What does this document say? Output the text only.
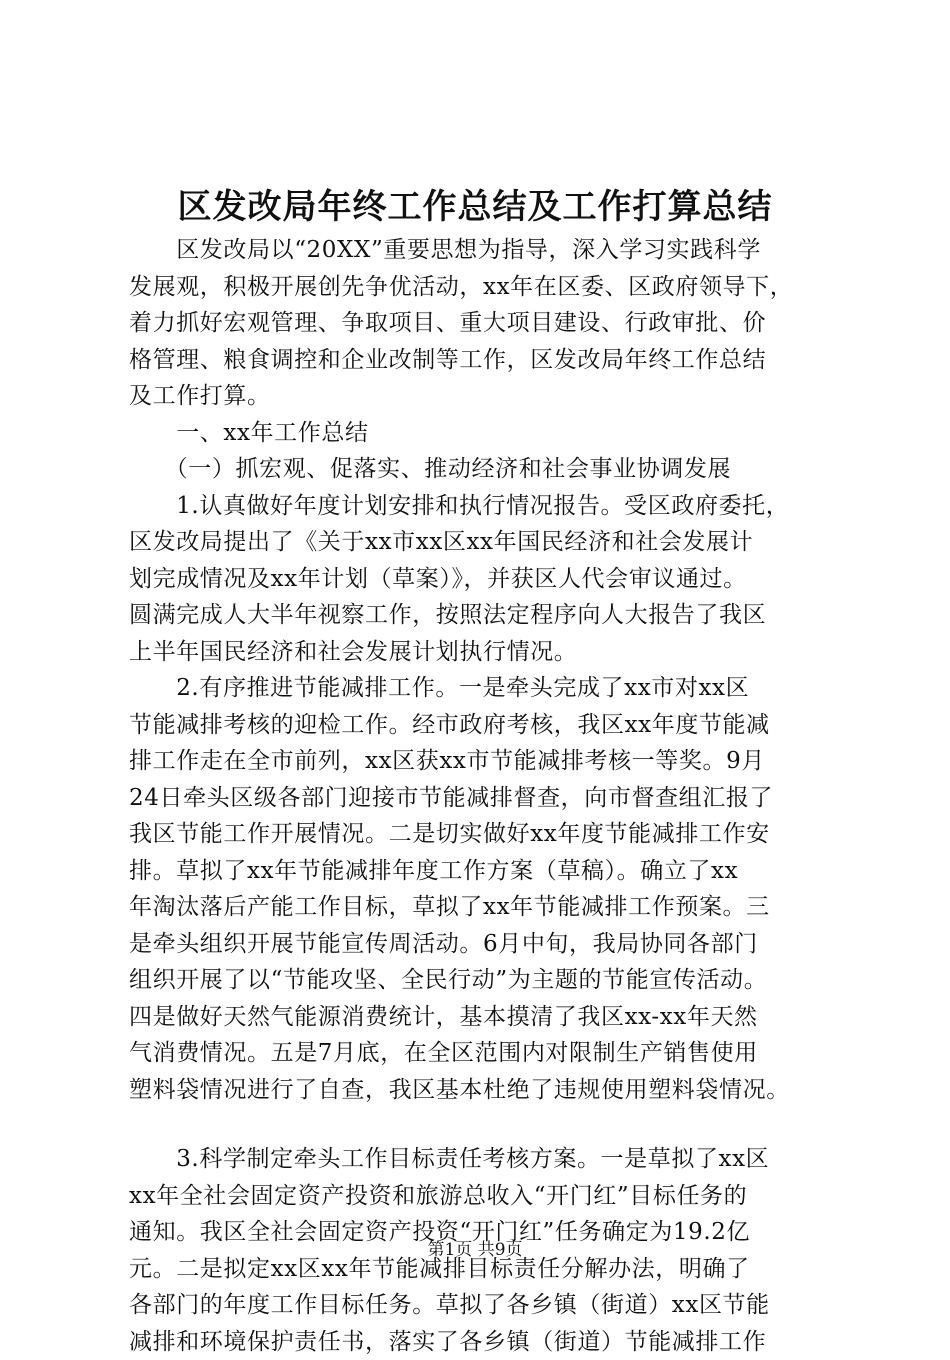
区发改局年终工作总结及工作打算总结
　　区发改局以“20XX”重要思想为指导，深入学习实践科学
发展观，积极开展创先争优活动，xx年在区委、区政府领导下，
着力抓好宏观管理、争取项目、重大项目建设、行政审批、价
格管理、粮食调控和企业改制等工作，区发改局年终工作总结
及工作打算。
　　一、xx年工作总结
　　（一）抓宏观、促落实、推动经济和社会事业协调发展
　　1.认真做好年度计划安排和执行情况报告。受区政府委托，
区发改局提出了《关于xx市xx区xx年国民经济和社会发展计
划完成情况及xx年计划（草案）》，并获区人代会审议通过。
圆满完成人大半年视察工作，按照法定程序向人大报告了我区
上半年国民经济和社会发展计划执行情况。
　　2.有序推进节能减排工作。一是牵头完成了xx市对xx区
节能减排考核的迎检工作。经市政府考核，我区xx年度节能减
排工作走在全市前列，xx区获xx市节能减排考核一等奖。9月
24日牵头区级各部门迎接市节能减排督查，向市督查组汇报了
我区节能工作开展情况。二是切实做好xx年度节能减排工作安
排。草拟了xx年节能减排年度工作方案（草稿）。确立了xx
年淘汰落后产能工作目标，草拟了xx年节能减排工作预案。三
是牵头组织开展节能宣传周活动。6月中旬，我局协同各部门
组织开展了以“节能攻坚、全民行动”为主题的节能宣传活动。
四是做好天然气能源消费统计，基本摸清了我区xx-xx年天然
气消费情况。五是7月底，在全区范围内对限制生产销售使用
塑料袋情况进行了自查，我区基本杜绝了违规使用塑料袋情况。
　　3.科学制定牵头工作目标责任考核方案。一是草拟了xx区
xx年全社会固定资产投资和旅游总收入“开门红”目标任务的
通知。我区全社会固定资产投资“开门红”任务确定为19.2亿
元。二是拟定xx区xx年节能减排目标责任分解办法，明确了
各部门的年度工作目标任务。草拟了各乡镇（街道）xx区节能
减排和环境保护责任书，落实了各乡镇（街道）节能减排工作
第1页 共9页
